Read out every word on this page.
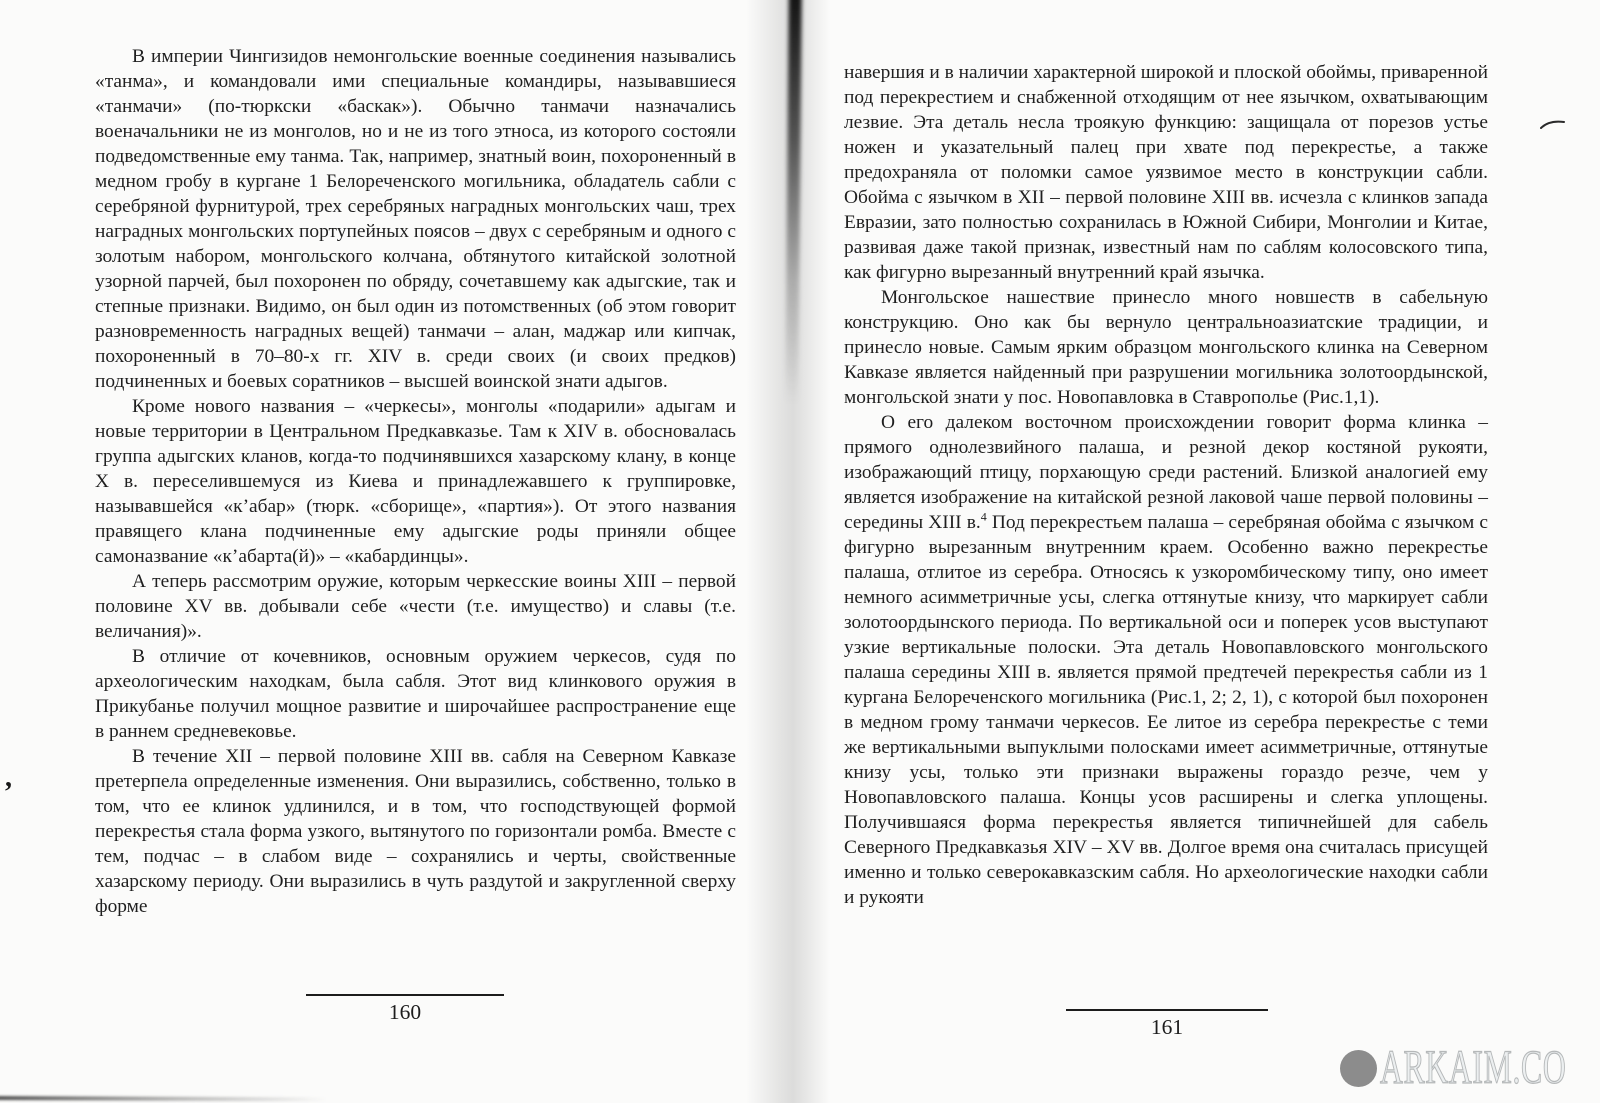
В империи Чингизидов немонгольские военные соединения назывались «танма», и командовали ими специальные командиры, называвшиеся «танмачи» (по-тюркски «баскак»). Обычно танмачи назначались военачальники не из монголов, но и не из того этноса, из которого состояли подведомственные ему танма. Так, например, знатный воин, похороненный в медном гробу в кургане 1 Белореченского могильника, обладатель сабли с серебряной фурнитурой, трех серебряных наградных монгольских чаш, трех наградных монгольских портупейных поясов – двух с серебряным и одного с золотым набором, монгольского колчана, обтянутого китайской золотной узорной парчей, был похоронен по обряду, сочетавшему как адыгские, так и степные признаки. Видимо, он был один из потомственных (об этом говорит разновременность наградных вещей) танмачи – алан, маджар или кипчак, похороненный в 70–80-х гг. XIV в. среди своих (и своих предков) подчиненных и боевых соратников – высшей воинской знати адыгов.

Кроме нового названия – «черкесы», монголы «подарили» адыгам и новые территории в Центральном Предкавказье. Там к XIV в. обосновалась группа адыгских кланов, когда-то подчинявшихся хазарскому клану, в конце X в. переселившемуся из Киева и принадлежавшего к группировке, называвшейся «к’абар» (тюрк. «сборище», «партия»). От этого названия правящего клана подчиненные ему адыгские роды приняли общее самоназвание «к’абарта(й)» – «кабардинцы».

А теперь рассмотрим оружие, которым черкесские воины XIII – первой половине XV вв. добывали себе «чести (т.е. имущество) и славы (т.е. величания)».

В отличие от кочевников, основным оружием черкесов, судя по археологическим находкам, была сабля. Этот вид клинкового оружия в Прикубанье получил мощное развитие и широчайшее распространение еще в раннем средневековье.

В течение XII – первой половине XIII вв. сабля на Северном Кавказе претерпела определенные изменения. Они выразились, собственно, только в том, что ее клинок удлинился, и в том, что господствующей формой перекрестья стала форма узкого, вытянутого по горизонтали ромба. Вместе с тем, подчас – в слабом виде – сохранялись и черты, свойственные хазарскому периоду. Они выразились в чуть раздутой и закругленной сверху форме

160

навершия и в наличии характерной широкой и плоской обоймы, приваренной под перекрестием и снабженной отходящим от нее язычком, охватывающим лезвие. Эта деталь несла троякую функцию: защищала от порезов устье ножен и указательный палец при хвате под перекрестье, а также предохраняла от поломки самое уязвимое место в конструкции сабли. Обойма с язычком в XII – первой половине XIII вв. исчезла с клинков запада Евразии, зато полностью сохранилась в Южной Сибири, Монголии и Китае, развивая даже такой признак, известный нам по саблям колосовского типа, как фигурно вырезанный внутренний край язычка.

Монгольское нашествие принесло много новшеств в сабельную конструкцию. Оно как бы вернуло центральноазиатские традиции, и принесло новые. Самым ярким образцом монгольского клинка на Северном Кавказе является найденный при разрушении могильника золотоордынской, монгольской знати у пос. Новопавловка в Ставрополье (Рис.1,1).

О его далеком восточном происхождении говорит форма клинка – прямого однолезвийного палаша, и резной декор костяной рукояти, изображающий птицу, порхающую среди растений. Близкой аналогией ему является изображение на китайской резной лаковой чаше первой половины – середины XIII в.$^4$ Под перекрестьем палаша – серебряная обойма с язычком с фигурно вырезанным внутренним краем. Особенно важно перекрестье палаша, отлитое из серебра. Относясь к узкоромбическому типу, оно имеет немного асимметричные усы, слегка оттянутые книзу, что маркирует сабли золотоордынского периода. По вертикальной оси и поперек усов выступают узкие вертикальные полоски. Эта деталь Новопавловского монгольского палаша середины XIII в. является прямой предтечей перекрестья сабли из 1 кургана Белореченского могильника (Рис.1, 2; 2, 1), с которой был похоронен в медном грому танмачи черкесов. Ее литое из серебра перекрестье с теми же вертикальными выпуклыми полосками имеет асимметричные, оттянутые книзу усы, только эти признаки выражены гораздо резче, чем у Новопавловского палаша. Концы усов расширены и слегка уплощены. Получившаяся форма перекрестья является типичнейшей для сабель Северного Предкавказья XIV – XV вв. Долгое время она считалась присущей именно и только северокавказским сабля. Но археологические находки сабли и рукояти

161
,
ARKAIM.CO
